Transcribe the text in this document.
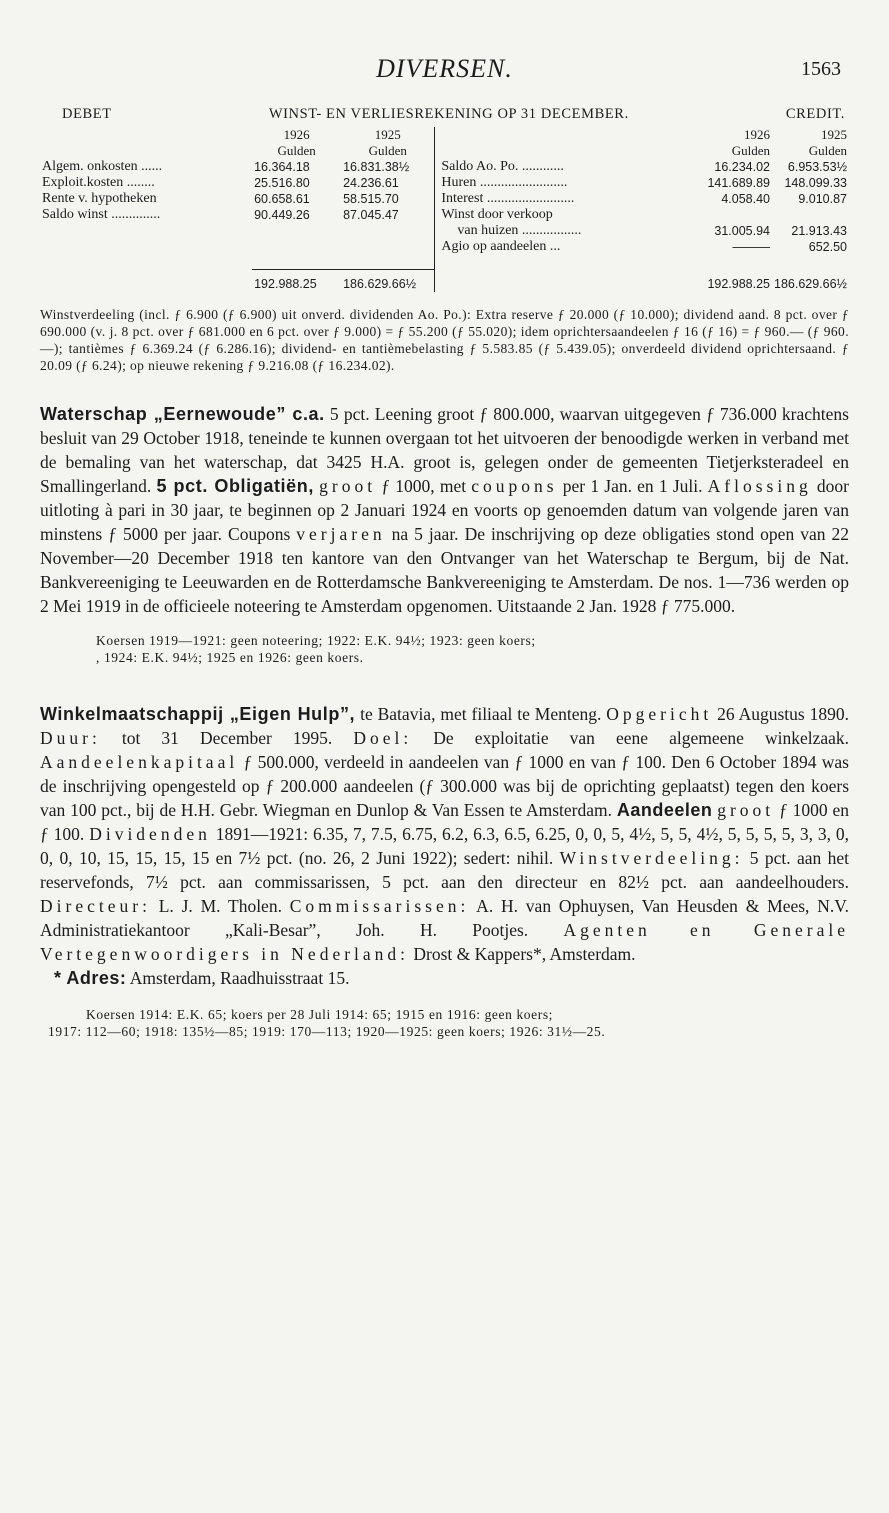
DIVERSEN.	1563
DEBET	WINST- EN VERLIESREKENING OP 31 DECEMBER.	CREDIT.
	1926	1925		1926	1925
	Gulden	Gulden		Gulden	Gulden
Algem. onkosten ......	16.364.18	16.831.38½	Saldo Ao. Po. ............	16.234.02	6.953.53½
Exploit.kosten ........	25.516.80	24.236.61	Huren .........................	141.689.89	148.099.33
Rente v. hypotheken	60.658.61	58.515.70	Interest .........................	4.058.40	9.010.87
Saldo winst ..............	90.449.26	87.045.47	Winst door verkoop		
			van huizen .................	31.005.94	21.913.43
			Agio op aandeelen ...	———	652.50

	192.988.25	186.629.66½		192.988.25	186.629.66½

Winstverdeeling (incl. ƒ 6.900 (ƒ 6.900) uit onverd. dividenden Ao. Po.): Extra reserve ƒ 20.000 (ƒ 10.000); dividend aand. 8 pct. over ƒ 690.000 (v. j. 8 pct. over ƒ 681.000 en 6 pct. over ƒ 9.000) = ƒ 55.200 (ƒ 55.020); idem oprichtersaandeelen ƒ 16 (ƒ 16) = ƒ 960.— (ƒ 960.—); tantièmes ƒ 6.369.24 (ƒ 6.286.16); dividend- en tantièmebelasting ƒ 5.583.85 (ƒ 5.439.05); onverdeeld dividend oprichtersaand. ƒ 20.09 (ƒ 6.24); op nieuwe rekening ƒ 9.216.08 (ƒ 16.234.02).

Waterschap „Eernewoude” c.a. 5 pct. Leening groot ƒ 800.000, waarvan uitgegeven ƒ 736.000 krachtens besluit van 29 October 1918, teneinde te kunnen overgaan tot het uitvoeren der benoodigde werken in verband met de bemaling van het waterschap, dat 3425 H.A. groot is, gelegen onder de gemeenten Tietjerksteradeel en Smallingerland. 5 pct. Obligatiën, groot ƒ 1000, met coupons per 1 Jan. en 1 Juli. Aflossing door uitloting à pari in 30 jaar, te beginnen op 2 Januari 1924 en voorts op genoemden datum van volgende jaren van minstens ƒ 5000 per jaar. Coupons verjaren na 5 jaar. De inschrijving op deze obligaties stond open van 22 November—20 December 1918 ten kantore van den Ontvanger van het Waterschap te Bergum, bij de Nat. Bankvereeniging te Leeuwarden en de Rotterdamsche Bankvereeniging te Amsterdam. De nos. 1—736 werden op 2 Mei 1919 in de officieele noteering te Amsterdam opgenomen. Uitstaande 2 Jan. 1928 ƒ 775.000.

Koersen 1919—1921: geen noteering; 1922: E.K. 94½; 1923: geen koers;
, 1924: E.K. 94½; 1925 en 1926: geen koers.

Winkelmaatschappij „Eigen Hulp”, te Batavia, met filiaal te Menteng. Opgericht 26 Augustus 1890. Duur: tot 31 December 1995. Doel: De exploitatie van eene algemeene winkelzaak. Aandeelenkapitaal ƒ 500.000, verdeeld in aandeelen van ƒ 1000 en van ƒ 100. Den 6 October 1894 was de inschrijving opengesteld op ƒ 200.000 aandeelen (ƒ 300.000 was bij de oprichting geplaatst) tegen den koers van 100 pct., bij de H.H. Gebr. Wiegman en Dunlop & Van Essen te Amsterdam. Aandeelen groot ƒ 1000 en ƒ 100. Dividenden 1891—1921: 6.35, 7, 7.5, 6.75, 6.2, 6.3, 6.5, 6.25, 0, 0, 5, 4½, 5, 5, 4½, 5, 5, 5, 5, 3, 3, 0, 0, 0, 10, 15, 15, 15, 15 en 7½ pct. (no. 26, 2 Juni 1922); sedert: nihil. Winstverdeeling: 5 pct. aan het reservefonds, 7½ pct. aan commissarissen, 5 pct. aan den directeur en 82½ pct. aan aandeelhouders. Directeur: L. J. M. Tholen. Commissarissen: A. H. van Ophuysen, Van Heusden & Mees, N.V. Administratiekantoor „Kali-Besar”, Joh. H. Pootjes. Agenten en Generale Vertegenwoordigers in Nederland: Drost & Kappers*, Amsterdam.

* Adres: Amsterdam, Raadhuisstraat 15.

Koersen 1914: E.K. 65; koers per 28 Juli 1914: 65; 1915 en 1916: geen koers;
1917: 112—60; 1918: 135½—85; 1919: 170—113; 1920—1925: geen koers; 1926: 31½—25.
